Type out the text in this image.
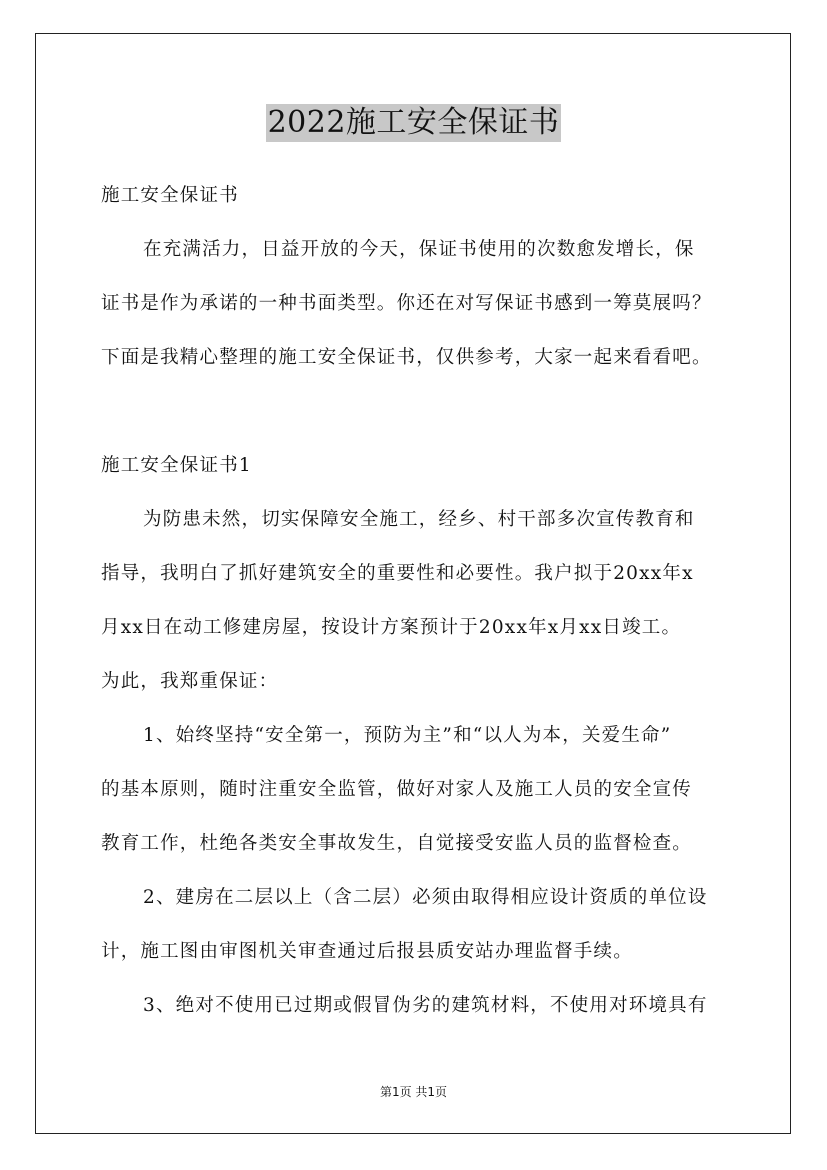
2022施工安全保证书
施工安全保证书
在充满活力，日益开放的今天，保证书使用的次数愈发增长，保
证书是作为承诺的一种书面类型。你还在对写保证书感到一筹莫展吗？
下面是我精心整理的施工安全保证书，仅供参考，大家一起来看看吧。
施工安全保证书1
为防患未然，切实保障安全施工，经乡、村干部多次宣传教育和
指导，我明白了抓好建筑安全的重要性和必要性。我户拟于20xx年x
月xx日在动工修建房屋，按设计方案预计于20xx年x月xx日竣工。
为此，我郑重保证：
1、始终坚持“安全第一，预防为主”和“以人为本，关爱生命”
的基本原则，随时注重安全监管，做好对家人及施工人员的安全宣传
教育工作，杜绝各类安全事故发生，自觉接受安监人员的监督检查。
2、建房在二层以上（含二层）必须由取得相应设计资质的单位设
计，施工图由审图机关审查通过后报县质安站办理监督手续。
3、绝对不使用已过期或假冒伪劣的建筑材料，不使用对环境具有
第1页 共1页
